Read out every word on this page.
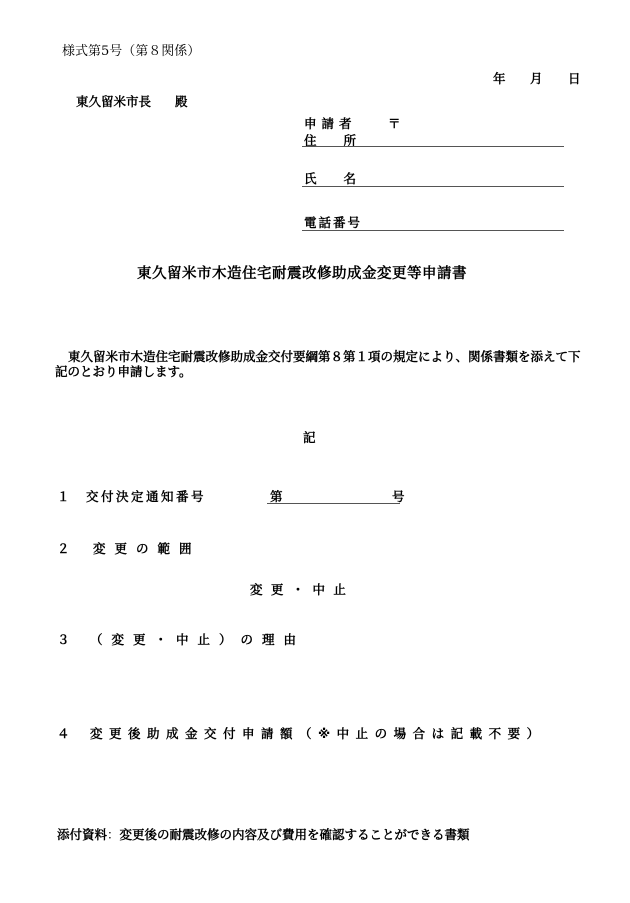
様式第5号（第８関係）
年 月 日
東久留米市長 殿
申請者	〒
住所
氏名
電話番号
東久留米市木造住宅耐震改修助成金変更等申請書
東久留米市木造住宅耐震改修助成金交付要綱第８第１項の規定により、関係書類を添えて下記のとおり申請します。
記
１ 交付決定通知番号	第	号
２ 変更の範囲
変 更 ・ 中 止
３ （変更・中止）の理由
４ 変更後助成金交付申請額（※中止の場合は記載不要）
添付資料：変更後の耐震改修の内容及び費用を確認することができる書類
